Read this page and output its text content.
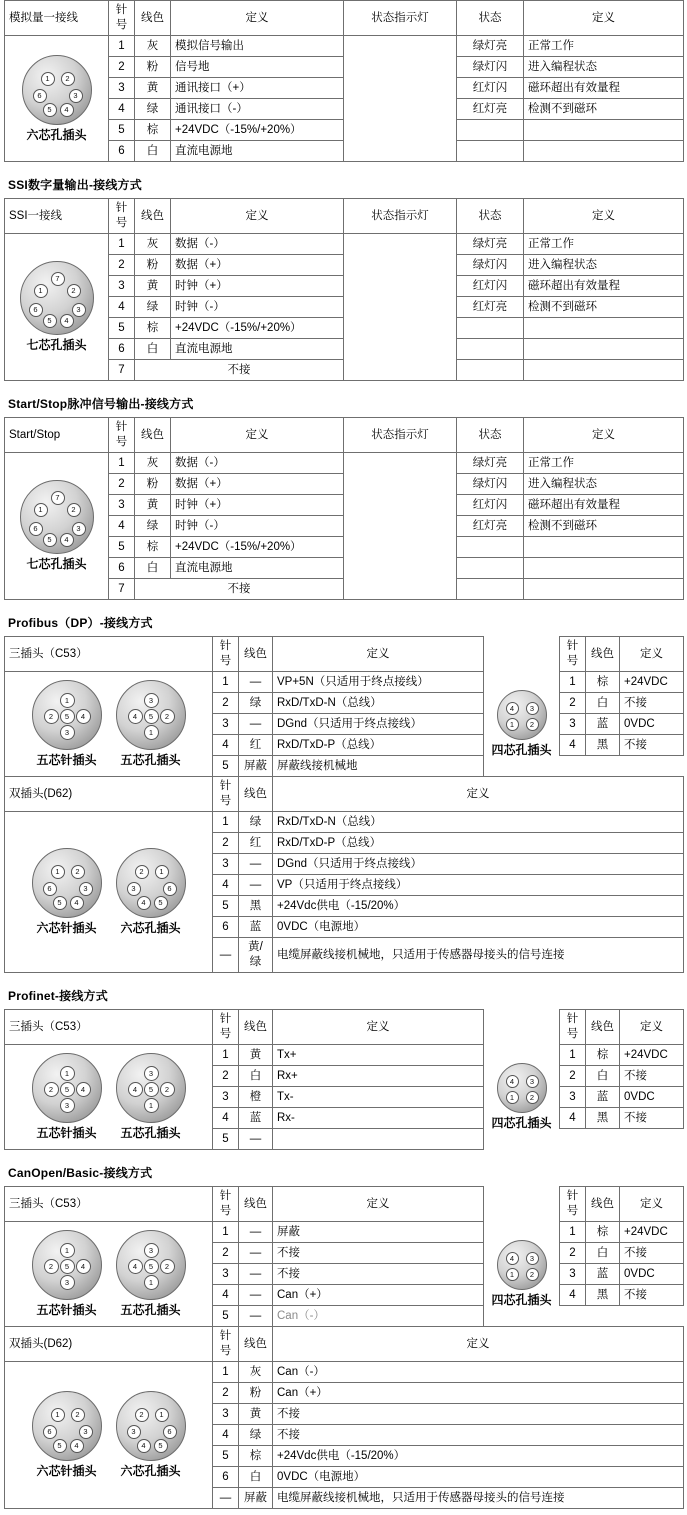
模拟量一接线	针号	线色	定义	状态指示灯	状态	定义

1	2
6	3
5	4
六芯孔插头
	1	灰	模拟信号输出		绿灯亮	正常工作
	2	粉	信号地		绿灯闪	进入编程状态
	3	黄	通讯接口（+）		红灯闪	磁环超出有效量程
	4	绿	通讯接口（-）		红灯亮	检测不到磁环
	5	棕	+24VDC（-15%/+20%）			
	6	白	直流电源地			
SSI数字量输出-接线方式
SSI一接线	针号	线色	定义	状态指示灯	状态	定义

7
1	2
6	3
5	4
七芯孔插头
	1	灰	数据（-）		绿灯亮	正常工作
	2	粉	数据（+）		绿灯闪	进入编程状态
	3	黄	时钟（+）		红灯闪	磁环超出有效量程
	4	绿	时钟（-）		红灯亮	检测不到磁环
	5	棕	+24VDC（-15%/+20%）			
	6	白	直流电源地			
	7	不接				
Start/Stop脉冲信号输出-接线方式
Start/Stop	针号	线色	定义	状态指示灯	状态	定义

7
1	2
6	3
5	4
七芯孔插头
	1	灰	数据（-）		绿灯亮	正常工作
	2	粉	数据（+）		绿灯闪	进入编程状态
	3	黄	时钟（+）		红灯闪	磁环超出有效量程
	4	绿	时钟（-）		红灯亮	检测不到磁环
	5	棕	+24VDC（-15%/+20%）			
	6	白	直流电源地			
	7	不接				
Profibus（DP）-接线方式
三插头（C53）	针号	线色	定义		针号	线色	定义

1
2	5	4
3
五芯针插头
3
4	5	2
1
五芯孔插头
	1	—	VP+5N（只适用于终点接线）	
4	3
1	2
四芯孔插头
	1	棕	+24VDC
	2	绿	RxD/TxD-N（总线）		2	白	不接
	3	—	DGnd（只适用于终点接线）		3	蓝	0VDC
	4	红	RxD/TxD-P（总线）		4	黑	不接
	5	屏蔽	屏蔽线接机械地				
双插头(D62)	针号	线色	定义

1	2
6	3
5	4
六芯针插头
2	1
3	6
4	5
六芯孔插头
	1	绿	RxD/TxD-N（总线）
	2	红	RxD/TxD-P（总线）
	3	—	DGnd（只适用于终点接线）
	4	—	VP（只适用于终点接线）
	5	黑	+24Vdc供电（-15/20%）
	6	蓝	0VDC（电源地）
	—	黄/绿	电缆屏蔽线接机械地，只适用于传感器母接头的信号连接
Profinet-接线方式
三插头（C53）	针号	线色	定义		针号	线色	定义

1
2	5	4
3
五芯针插头
3
4	5	2
1
五芯孔插头
	1	黄	Tx+	
4	3
1	2
四芯孔插头
	1	棕	+24VDC
	2	白	Rx+		2	白	不接
	3	橙	Tx-		3	蓝	0VDC
	4	蓝	Rx-		4	黑	不接
	5	—					
CanOpen/Basic-接线方式
三插头（C53）	针号	线色	定义		针号	线色	定义

1
2	5	4
3
五芯针插头
3
4	5	2
1
五芯孔插头
	1	—	屏蔽	
4	3
1	2
四芯孔插头
	1	棕	+24VDC
	2	—	不接		2	白	不接
	3	—	不接		3	蓝	0VDC
	4	—	Can（+）		4	黑	不接
	5	—	Can（-）				
双插头(D62)	针号	线色	定义

1	2
6	3
5	4
六芯针插头
2	1
3	6
4	5
六芯孔插头
	1	灰	Can（-）
	2	粉	Can（+）
	3	黄	不接
	4	绿	不接
	5	棕	+24Vdc供电（-15/20%）
	6	白	0VDC（电源地）
	—	屏蔽	电缆屏蔽线接机械地，只适用于传感器母接头的信号连接
